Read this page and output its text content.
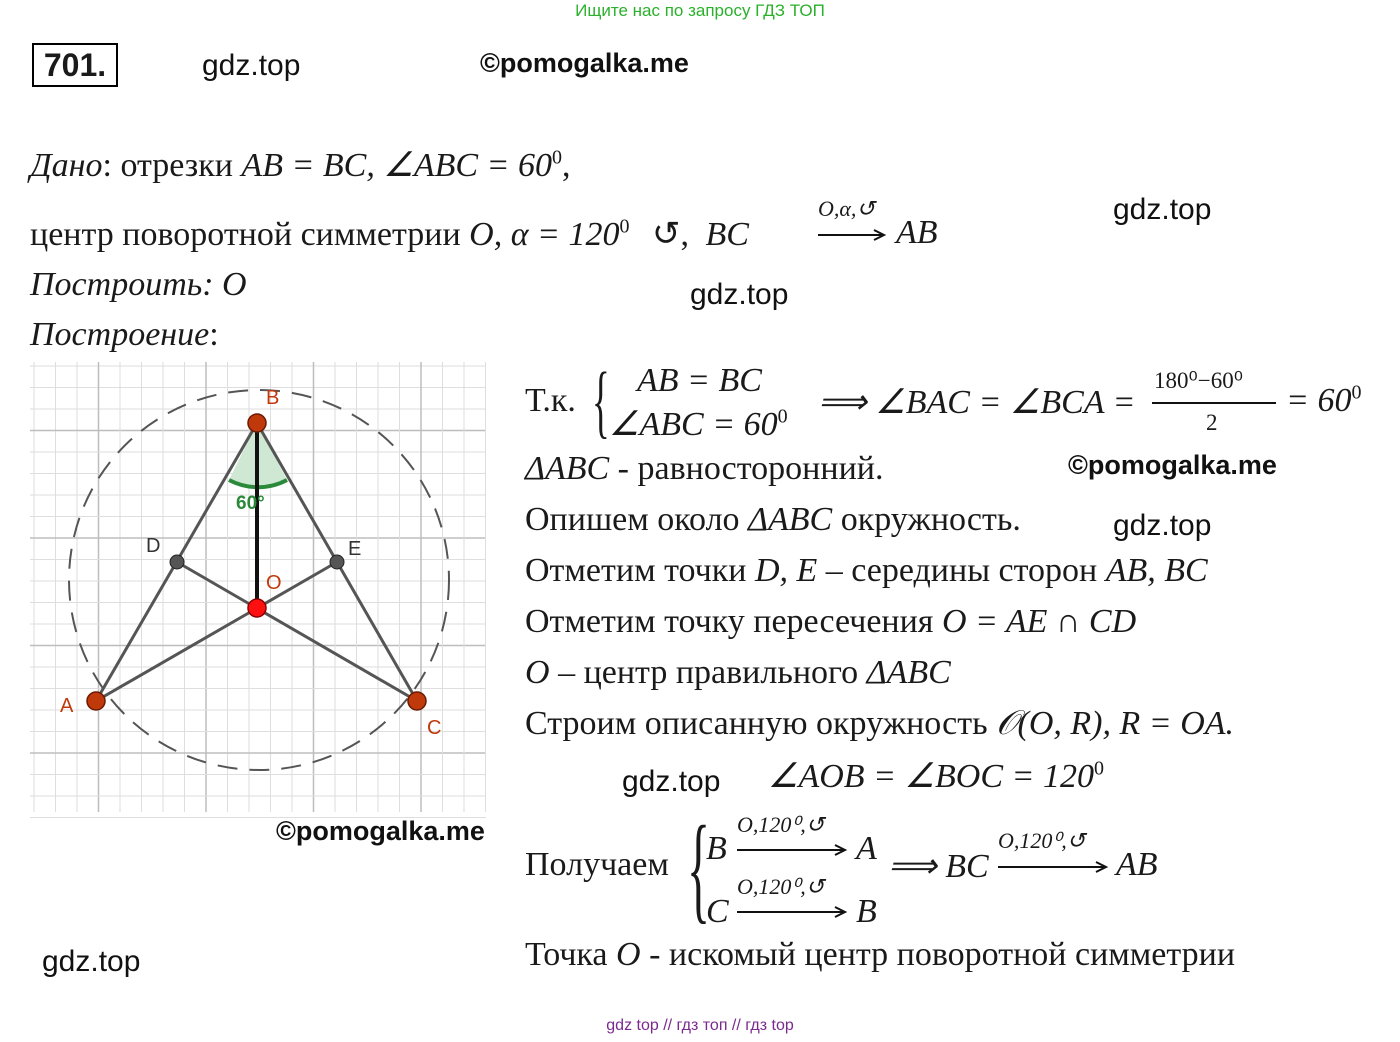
Ищите нас по запросу ГДЗ ТОП
701.	gdz.top	©pomogalka.me
Дано: отрезки AB = BC, ∠ABC = $60^0$,
центр поворотной симметрии O, $\alpha = 120^0$ ↺, BC
O,α,↺
AB
gdz.top
Построить: O	gdz.top
Построение:
B
A
C
D	E
O
60°
©pomogalka.me
gdz.top
Т.к. { AB = BC
∠ABC = $60^0$ ⟹ ∠BAC = ∠BCA =
180⁰−60⁰
2
= $60^0$
ΔABC - равносторонний.	©pomogalka.me
Опишем около ΔABC окружность.	gdz.top
Отметим точки D, E – середины сторон AB, BC
Отметим точку пересечения O = AE ∩ CD
O – центр правильного ΔABC
Строим описанную окружность 𝒪(O, R), R = OA.
gdz.top ∠AOB = ∠BOC = $120^0$
Получаем {
B
O,120⁰,↺
A
C
O,120⁰,↺
B
⟹ BC
O,120⁰,↺
AB
Точка O - искомый центр поворотной симметрии
gdz top // гдз топ // гдз top
